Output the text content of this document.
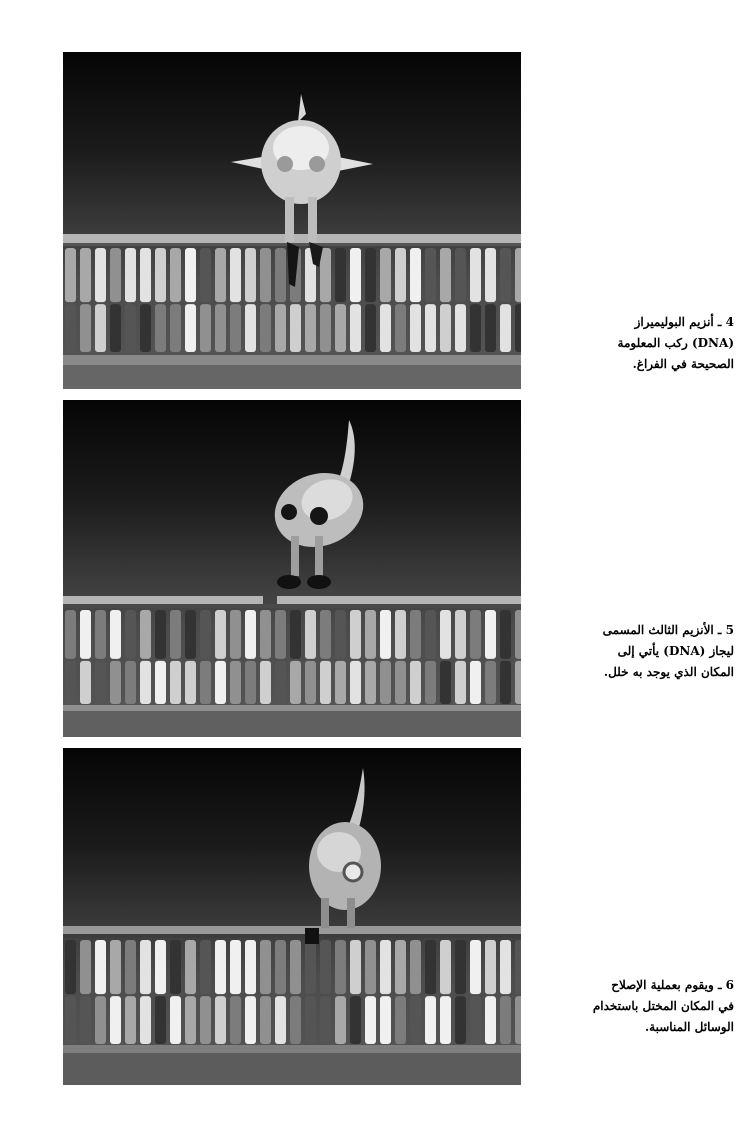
4 ـ أنزيم البوليميراز
(DNA) ركب المعلومة
الصحيحة في الفراغ.
5 ـ الأنزيم الثالث المسمى
ليجاز (DNA) يأتي إلى
المكان الذي يوجد به خلل.
6 ـ ويقوم بعملية الإصلاح
في المكان المختل باستخدام
الوسائل المناسبة.
